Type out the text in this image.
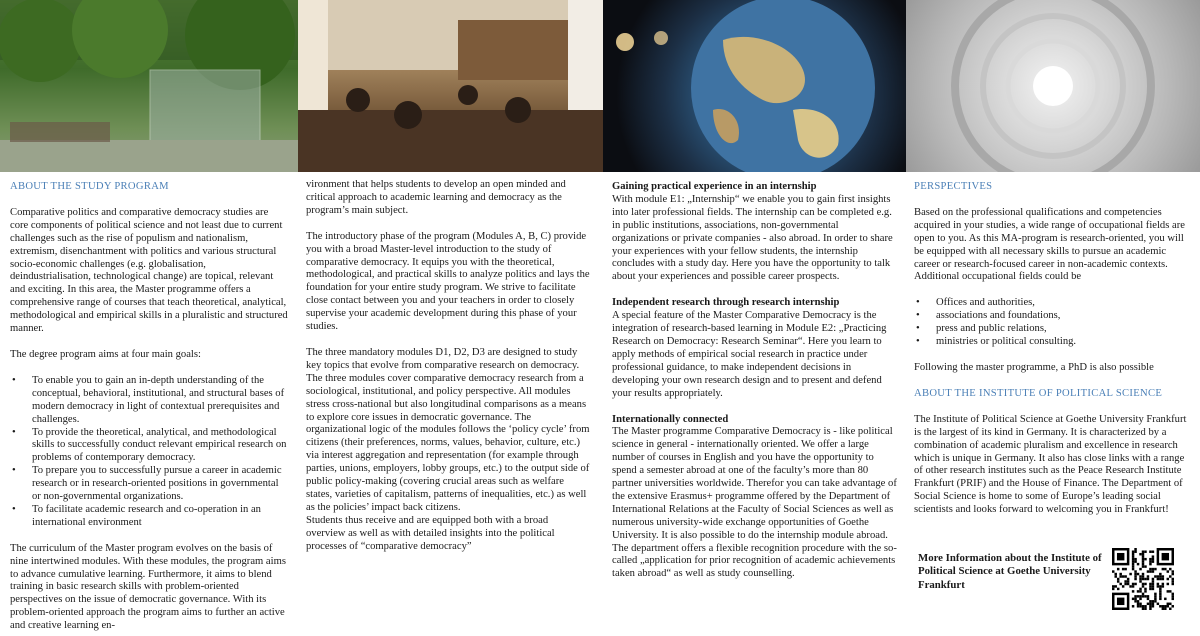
ABOUT THE STUDY PROGRAM

Comparative politics and comparative democracy studies are core components of political science and not least due to current challenges such as the rise of populism and nationalism, extremism, disenchantment with politics and various structural socio-economic challenges (e.g. globalisation, deindustrialisation, technological change) are topical, relevant and exciting. In this area, the Master programme offers a comprehensive range of courses that teach theoretical, analytical, methodological and empirical skills in a pluralistic and structured manner.

The degree program aims at four main goals:

• To enable you to gain an in-depth understanding of the conceptual, behavioral, institutional, and structural bases of modern democracy in light of contextual prerequisites and challenges.
• To provide the theoretical, analytical, and methodological skills to successfully conduct relevant empirical research on problems of contemporary democracy.
• To prepare you to successfully pursue a career in academic research or in research-oriented positions in governmental or non-governmental organizations.
• To facilitate academic research and co-operation in an international environment

The curriculum of the Master program evolves on the basis of nine intertwined modules. With these modules, the program aims to advance cumulative learning. Furthermore, it aims to blend training in basic research skills with problem-oriented perspectives on the issue of democratic governance. With its problem-oriented approach the program aims to further an active and creative learning en-

vironment that helps students to develop an open minded and critical approach to academic learning and democracy as the program’s main subject.

The introductory phase of the program (Modules A, B, C) provide you with a broad Master-level introduction to the study of comparative democracy. It equips you with the theoretical, methodological, and practical skills to analyze politics and lays the foundation for your entire study program. We strive to facilitate close contact between you and your teachers in order to closely supervise your academic development during this phase of your studies.

The three mandatory modules D1, D2, D3 are designed to study key topics that evolve from comparative research on democracy. The three modules cover comparative democracy research from a sociological, institutional, and policy perspective. All modules stress cross-national but also longitudinal comparisons as a means to explore core issues in democratic governance. The organizational logic of the modules follows the ‘policy cycle’ from citizens (their preferences, norms, values, behavior, culture, etc.) via interest aggregation and representation (for example through parties, unions, employers, lobby groups, etc.) to the output side of public policy-making (covering crucial areas such as welfare states, varieties of capitalism, patterns of inequalities, etc.) as well as the policies’ impact back citizens.

Students thus receive and are equipped both with a broad overview as well as with detailed insights into the political processes of “comparative democracy”

Gaining practical experience in an internship

With module E1: „Internship“ we enable you to gain first insights into later professional fields. The internship can be completed e.g. in public institutions, associations, non-governmental organizations or private companies - also abroad. In order to share your experiences with your fellow students, the internship concludes with a study day. Here you have the opportunity to talk about your experiences and possible career prospects.

Independent research through research internship

A special feature of the Master Comparative Democracy is the integration of research-based learning in Module E2: „Practicing Research on Democracy: Research Seminar“. Here you learn to apply methods of empirical social research in practice under professional guidance, to make independent decisions in developing your own research design and to present and defend your results appropriately.

Internationally connected

The Master programme Comparative Democracy is - like political science in general - internationally oriented. We offer a large number of courses in English and you have the opportunity to spend a semester abroad at one of the faculty’s more than 80 partner universities worldwide. Therefor you can take advantage of the extensive Erasmus+ programme offered by the Department of International Relations at the Faculty of Social Sciences as well as numerous university-wide exchange opportunities of Goethe University. It is also possible to do the internship module abroad. The department offers a flexible recognition procedure with the so-called „application for prior recognition of academic achievements taken abroad“ as well as study counselling.

PERSPECTIVES

Based on the professional qualifications and competencies acquired in your studies, a wide range of occupational fields are open to you. As this MA-program is research-oriented, you will be equipped with all necessary skills to pursue an academic career or research-focused career in non-academic contexts. Additional occupational fields could be

• Offices and authorities,
• associations and foundations,
• press and public relations,
• ministries or political consulting.

Following the master programme, a PhD is also possible

ABOUT THE INSTITUTE OF POLITICAL SCIENCE

The Institute of Political Science at Goethe University Frankfurt is the largest of its kind in Germany. It is characterized by a combination of academic pluralism and excellence in research which is unique in Germany. It also has close links with a range of other research institutes such as the Peace Research Institute Frankfurt (PRIF) and the House of Finance. The Department of Social Science is home to some of Europe’s leading social scientists and looks forward to welcoming you in Frankfurt!

More Information about the Institute of Political Science at Goethe University Frankfurt
